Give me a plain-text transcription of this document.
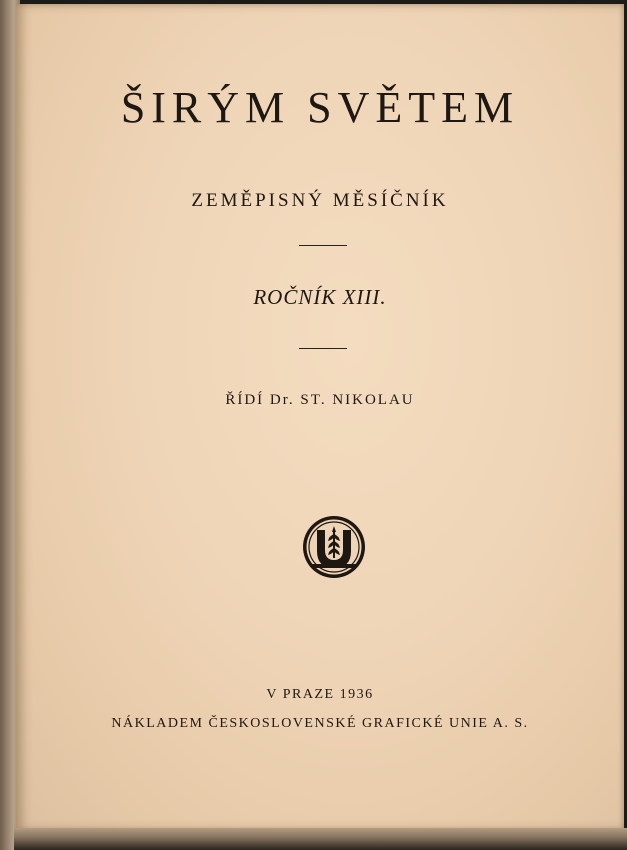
ŠIRÝM SVĚTEM
ZEMĚPISNÝ MĚSÍČNÍK
ROČNÍK XIII.
ŘÍDÍ Dr. ST. NIKOLAU
V PRAZE 1936
NÁKLADEM ČESKOSLOVENSKÉ GRAFICKÉ UNIE A. S.
